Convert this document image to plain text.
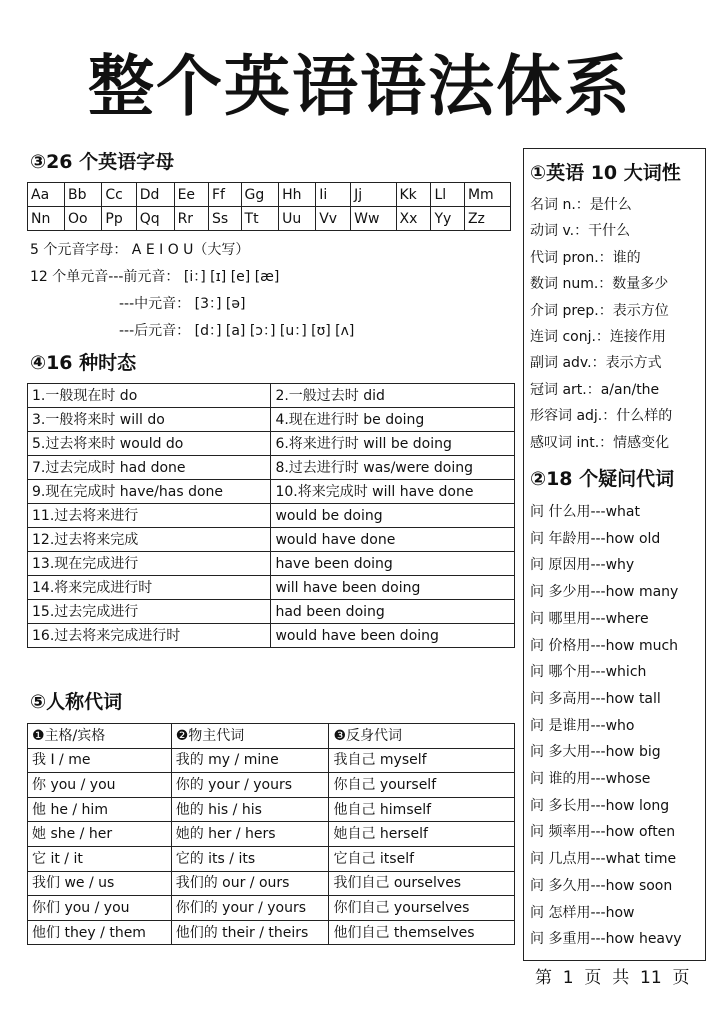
整个英语语法体系
③26 个英语字母
Aa	Bb	Cc	Dd	Ee	Ff	Gg	Hh	Ii	Jj	Kk	Ll	Mm
Nn	Oo	Pp	Qq	Rr	Ss	Tt	Uu	Vv	Ww	Xx	Yy	Zz
5 个元音字母： A E I O U（大写）
12 个单元音---前元音： [i：] [ɪ] [e] [æ]
---中元音： [3：] [ə]
---后元音： [d：] [a] [ɔ：] [u：] [ʊ] [ʌ]
④16 种时态
1.一般现在时 do	2.一般过去时 did
3.一般将来时 will do	4.现在进行时 be doing
5.过去将来时 would do	6.将来进行时 will be doing
7.过去完成时 had done	8.过去进行时 was/were doing
9.现在完成时 have/has done	10.将来完成时 will have done
11.过去将来进行	would be doing
12.过去将来完成	would have done
13.现在完成进行	have been doing
14.将来完成进行时	will have been doing
15.过去完成进行	had been doing
16.过去将来完成进行时	would have been doing
⑤人称代词
❶主格/宾格	❷物主代词	❸反身代词
我 I / me	我的 my / mine	我自己 myself
你 you / you	你的 your / yours	你自己 yourself
他 he / him	他的 his / his	他自己 himself
她 she / her	她的 her / hers	她自己 herself
它 it / it	它的 its / its	它自己 itself
我们 we / us	我们的 our / ours	我们自己 ourselves
你们 you / you	你们的 your / yours	你们自己 yourselves
他们 they / them	他们的 their / theirs	他们自己 themselves
①英语 10 大词性
名词 n.：是什么
动词 v.：干什么
代词 pron.：谁的
数词 num.：数量多少
介词 prep.：表示方位
连词 conj.：连接作用
副词 adv.：表示方式
冠词 art.：a/an/the
形容词 adj.：什么样的
感叹词 int.：情感变化
②18 个疑问代词
问 什么用---what
问 年龄用---how old
问 原因用---why
问 多少用---how many
问 哪里用---where
问 价格用---how much
问 哪个用---which
问 多高用---how tall
问 是谁用---who
问 多大用---how big
问 谁的用---whose
问 多长用---how long
问 频率用---how often
问 几点用---what time
问 多久用---how soon
问 怎样用---how
问 多重用---how heavy
第  1  页  共  11  页
